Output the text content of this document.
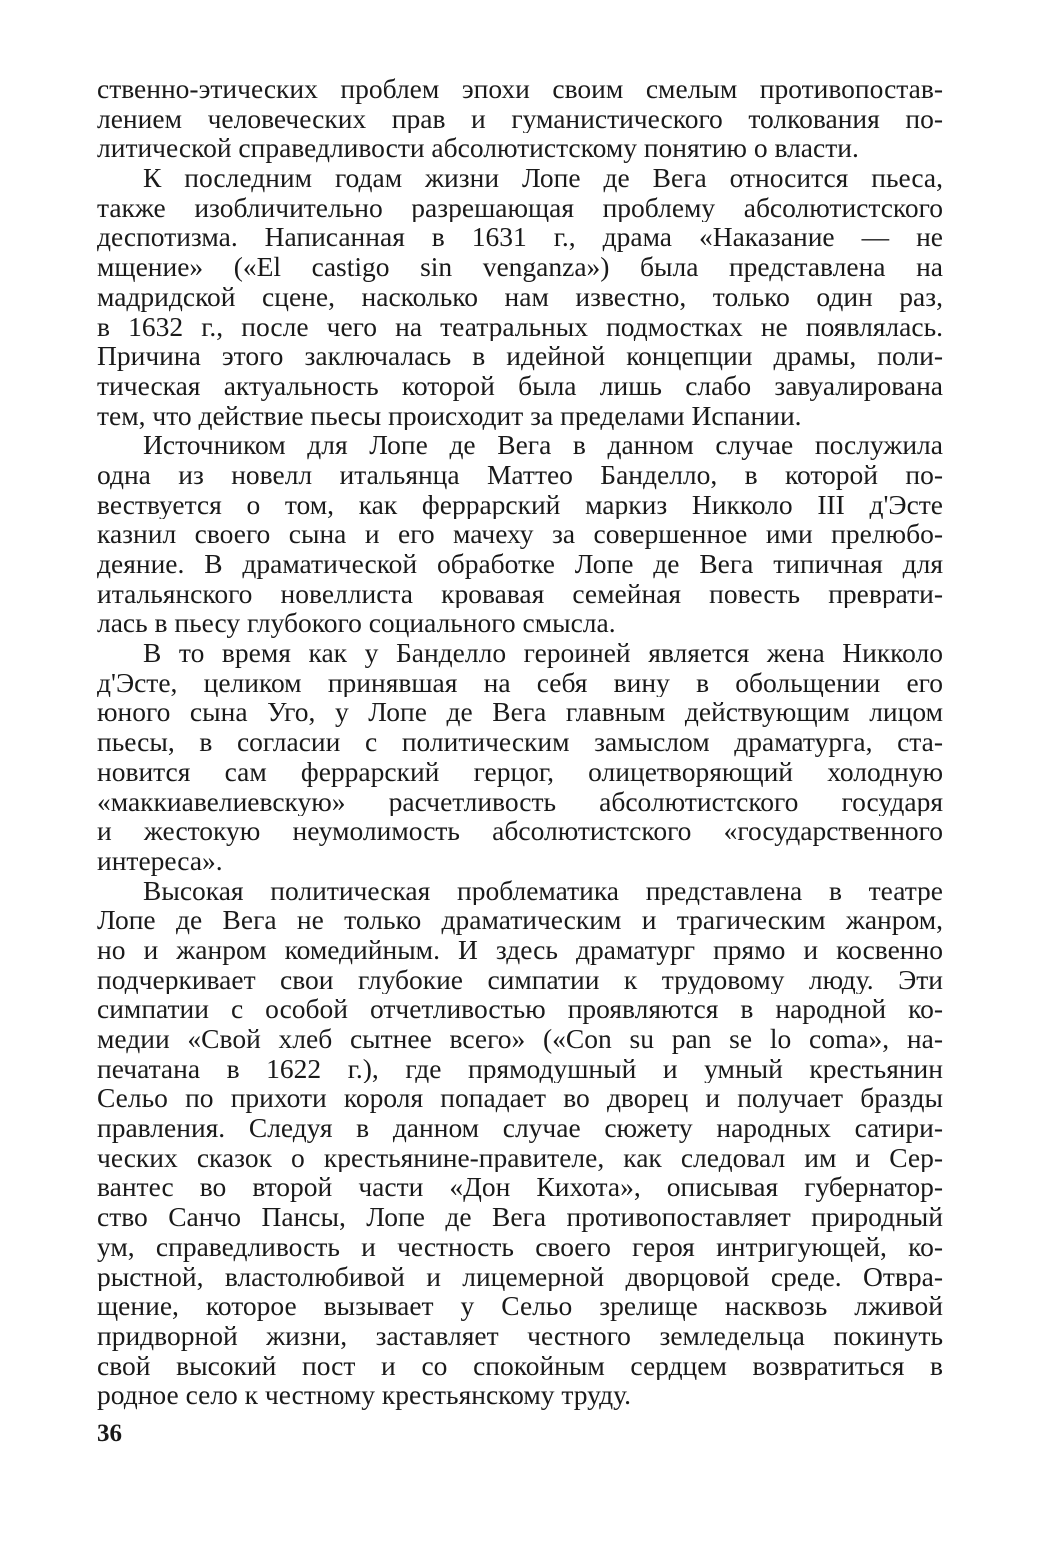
ственно-этических проблем эпохи своим смелым противопостав-
лением человеческих прав и гуманистического толкования по-
литической справедливости абсолютистскому понятию о власти.

К последним годам жизни Лопе де Вега относится пьеса,
также изобличительно разрешающая проблему абсолютистского
деспотизма. Написанная в 1631 г., драма «Наказание — не
мщение» («El castigo sin venganza») была представлена на
мадридской сцене, насколько нам известно, только один раз,
в 1632 г., после чего на театральных подмостках не появлялась.
Причина этого заключалась в идейной концепции драмы, поли-
тическая актуальность которой была лишь слабо завуалирована
тем, что действие пьесы происходит за пределами Испании.

Источником для Лопе де Вега в данном случае послужила
одна из новелл итальянца Маттео Банделло, в которой по-
вествуется о том, как феррарский маркиз Никколо III д'Эсте
казнил своего сына и его мачеху за совершенное ими прелюбо-
деяние. В драматической обработке Лопе де Вега типичная для
итальянского новеллиста кровавая семейная повесть преврати-
лась в пьесу глубокого социального смысла.

В то время как у Банделло героиней является жена Никколо
д'Эсте, целиком принявшая на себя вину в обольщении его
юного сына Уго, у Лопе де Вега главным действующим лицом
пьесы, в согласии с политическим замыслом драматурга, ста-
новится сам феррарский герцог, олицетворяющий холодную
«маккиавелиевскую» расчетливость абсолютистского государя
и жестокую неумолимость абсолютистского «государственного
интереса».

Высокая политическая проблематика представлена в театре
Лопе де Вега не только драматическим и трагическим жанром,
но и жанром комедийным. И здесь драматург прямо и косвенно
подчеркивает свои глубокие симпатии к трудовому люду. Эти
симпатии с особой отчетливостью проявляются в народной ко-
медии «Свой хлеб сытнее всего» («Con su pan se lo coma», на-
печатана в 1622 г.), где прямодушный и умный крестьянин
Сельо по прихоти короля попадает во дворец и получает бразды
правления. Следуя в данном случае сюжету народных сатири-
ческих сказок о крестьянине-правителе, как следовал им и Сер-
вантес во второй части «Дон Кихота», описывая губернатор-
ство Санчо Пансы, Лопе де Вега противопоставляет природный
ум, справедливость и честность своего героя интригующей, ко-
рыстной, властолюбивой и лицемерной дворцовой среде. Отвра-
щение, которое вызывает у Сельо зрелище насквозь лживой
придворной жизни, заставляет честного земледельца покинуть
свой высокий пост и со спокойным сердцем возвратиться в
родное село к честному крестьянскому труду.

36
